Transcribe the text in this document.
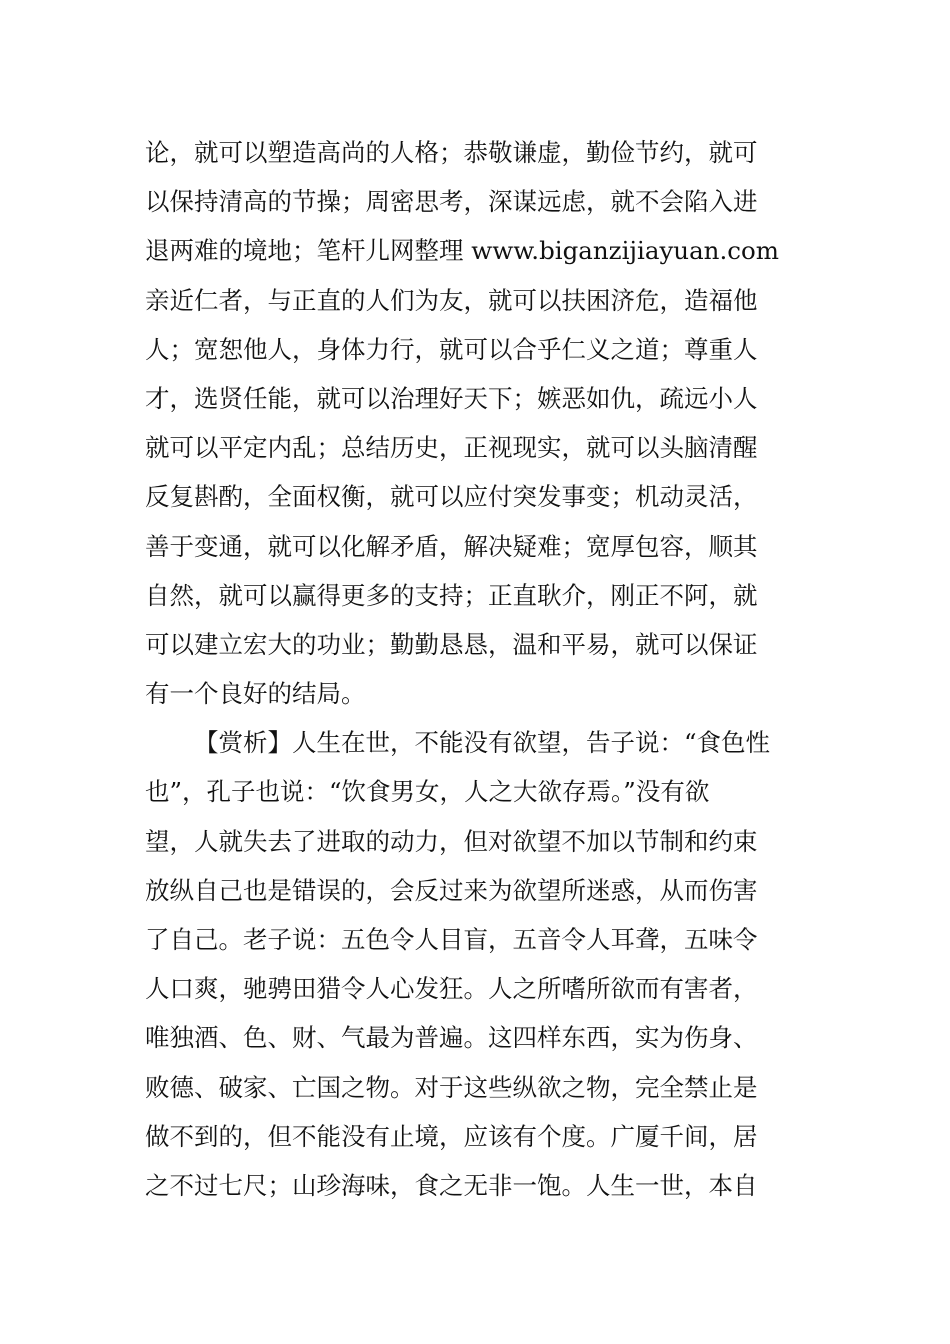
论，就可以塑造高尚的人格；恭敬谦虚，勤俭节约，就可
以保持清高的节操；周密思考，深谋远虑，就不会陷入进
退两难的境地；笔杆儿网整理 www.biganzijiayuan.com
亲近仁者，与正直的人们为友，就可以扶困济危，造福他
人；宽恕他人，身体力行，就可以合乎仁义之道；尊重人
才，选贤任能，就可以治理好天下；嫉恶如仇，疏远小人
就可以平定内乱；总结历史，正视现实，就可以头脑清醒
反复斟酌，全面权衡，就可以应付突发事变；机动灵活，
善于变通，就可以化解矛盾，解决疑难；宽厚包容，顺其
自然，就可以赢得更多的支持；正直耿介，刚正不阿，就
可以建立宏大的功业；勤勤恳恳，温和平易，就可以保证
有一个良好的结局。
【赏析】人生在世，不能没有欲望，告子说：“食色性
也”，孔子也说：“饮食男女，人之大欲存焉。”没有欲
望，人就失去了进取的动力，但对欲望不加以节制和约束
放纵自己也是错误的，会反过来为欲望所迷惑，从而伤害
了自己。老子说：五色令人目盲，五音令人耳聋，五味令
人口爽，驰骋田猎令人心发狂。人之所嗜所欲而有害者，
唯独酒、色、财、气最为普遍。这四样东西，实为伤身、
败德、破家、亡国之物。对于这些纵欲之物，完全禁止是
做不到的，但不能没有止境，应该有个度。广厦千间，居
之不过七尺；山珍海味，食之无非一饱。人生一世，本自
